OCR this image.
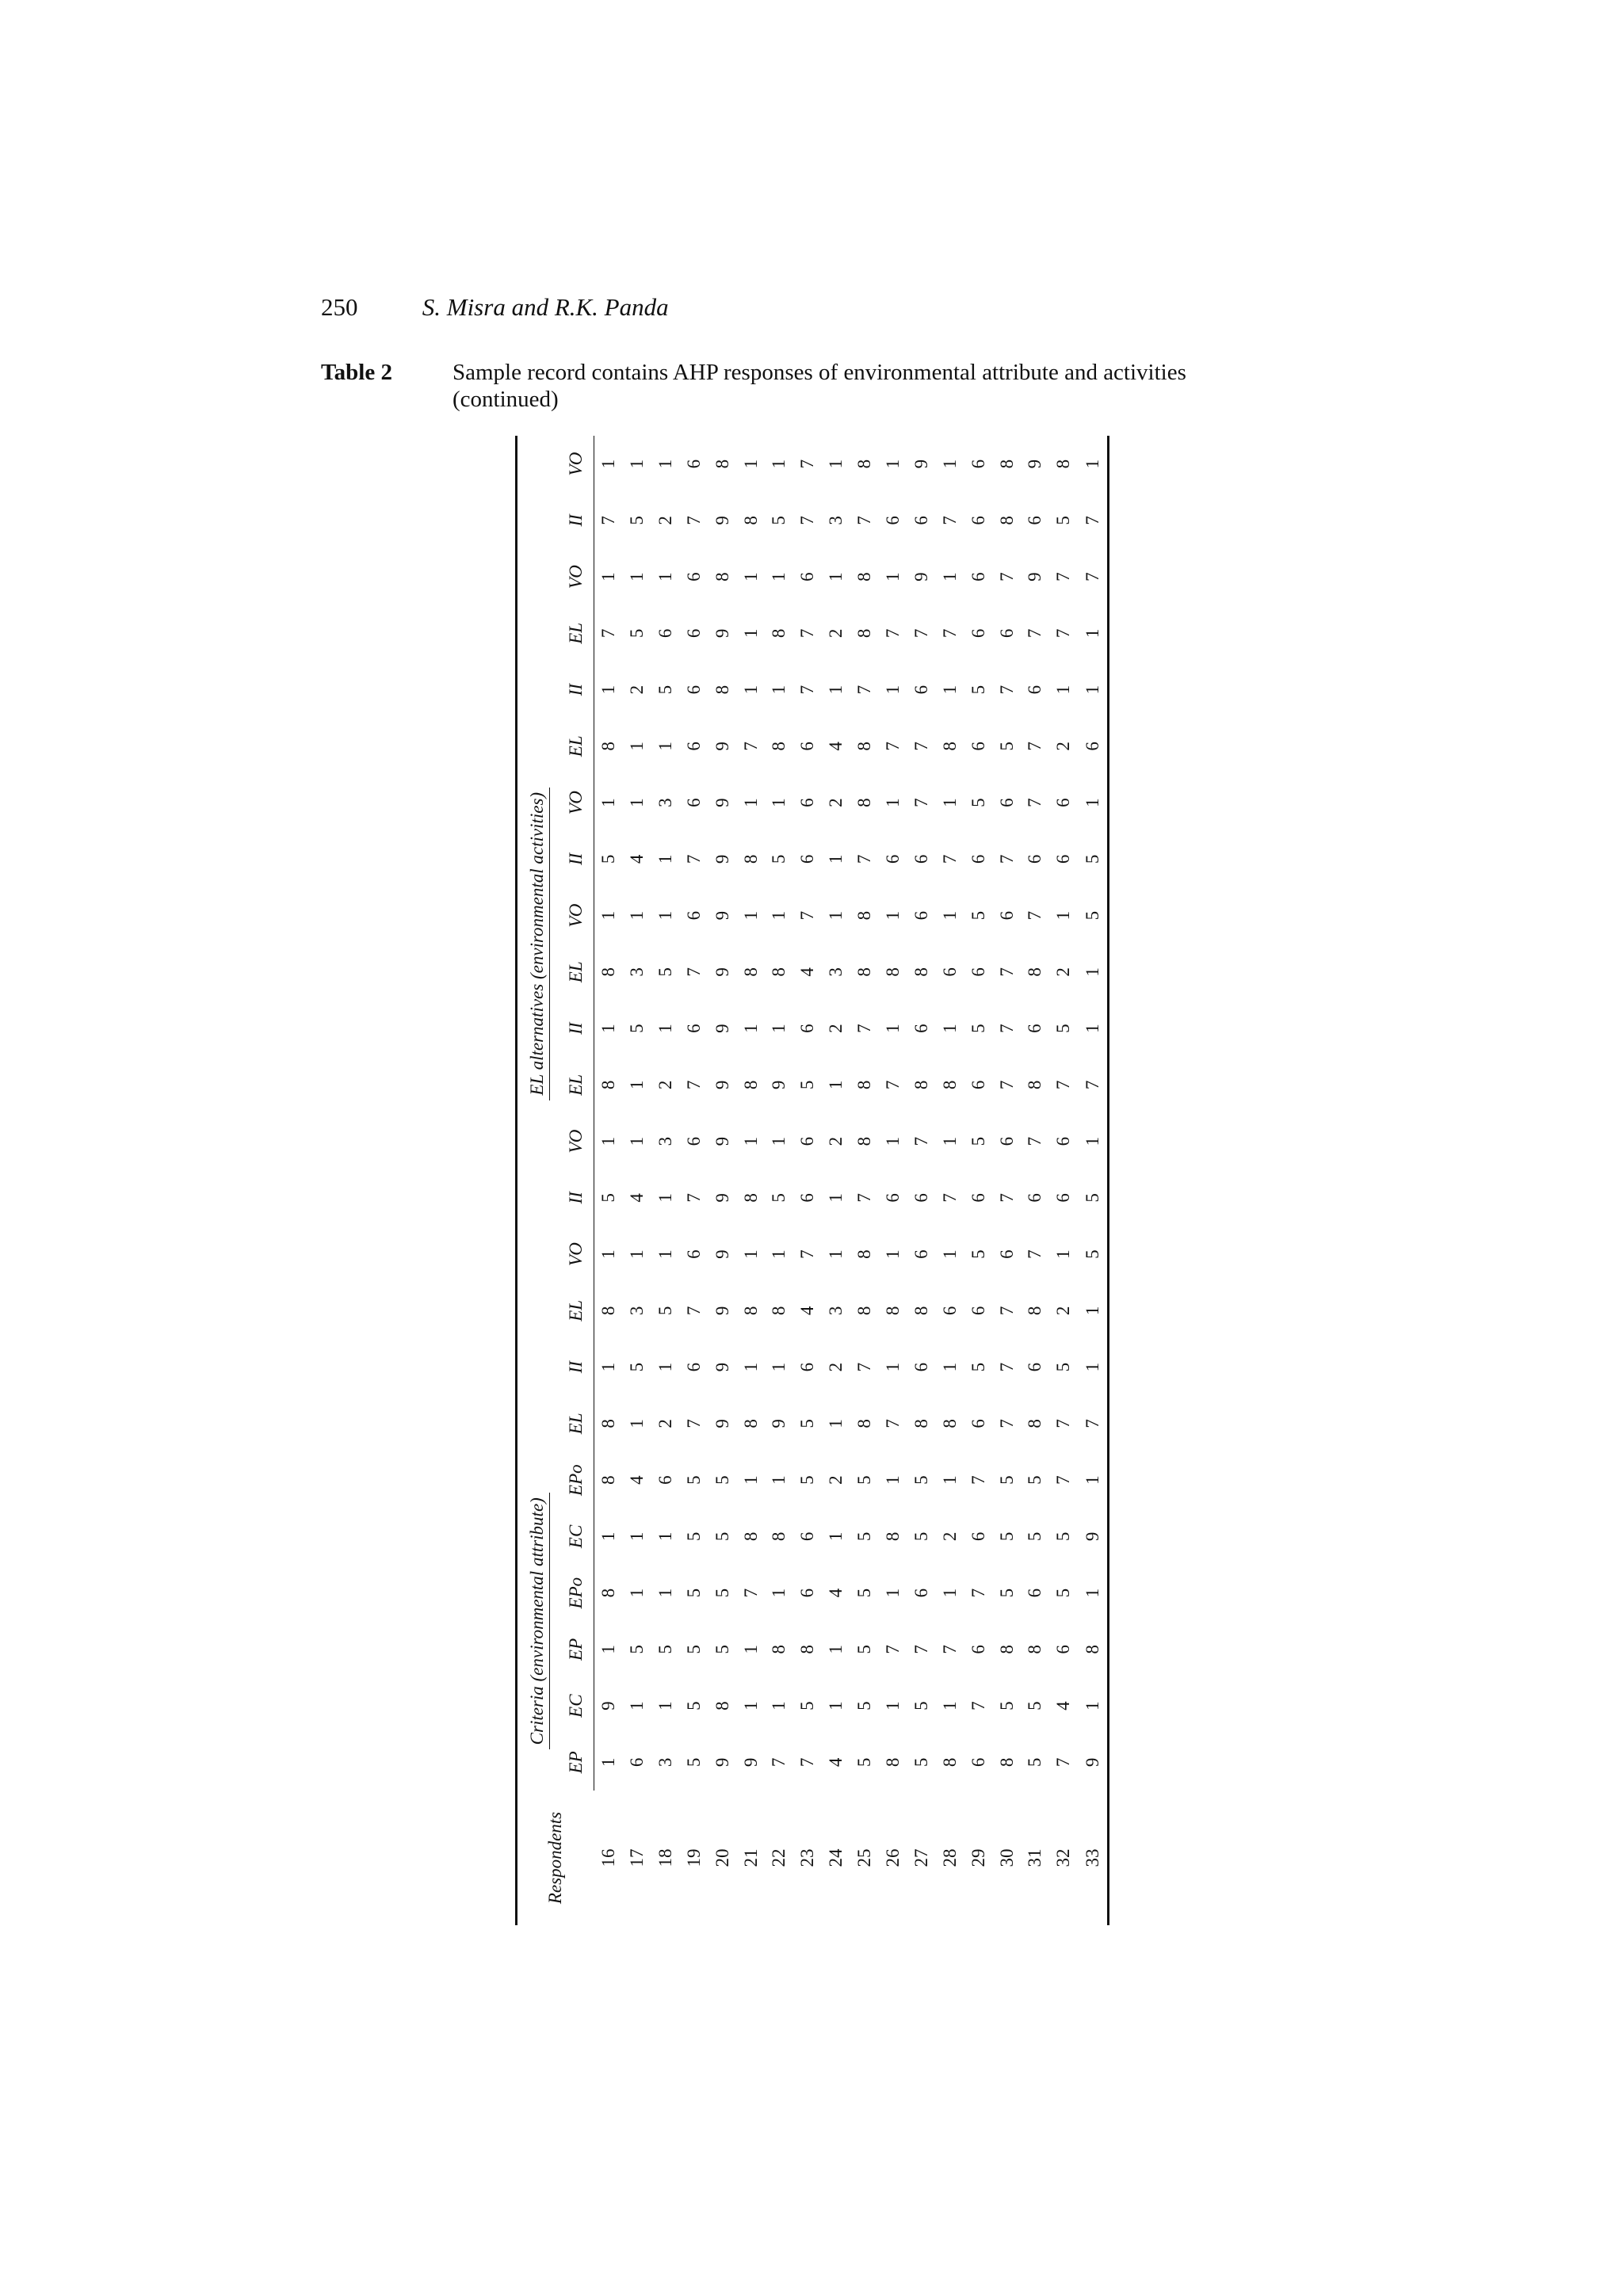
250	S. Misra and R.K. Panda
Table 2	Sample record contains AHP responses of environmental attribute and activities (continued)
Respondents	Criteria (environmental attribute)						EL alternatives (environmental activities)																	
	EP	EC	EP	EPo	EC	EPo	EL	II	EL	VO	II	VO	EL	II	EL	VO	II	VO	EL	II	EL	VO	II	VO
16	1	9	1	8	1	8	8	1	8	1	5	1	8	1	8	1	5	1	8	1	7	1	7	1
17	6	1	5	1	1	4	1	5	3	1	4	1	1	5	3	1	4	1	1	2	5	1	5	1
18	3	1	5	1	1	6	2	1	5	1	1	3	2	1	5	1	1	3	1	5	6	1	2	1
19	5	5	5	5	5	5	7	6	7	6	7	6	7	6	7	6	7	6	6	6	6	6	7	6
20	9	8	5	5	5	5	9	9	9	9	9	9	9	9	9	9	9	9	9	8	9	8	9	8
21	9	1	1	7	8	1	8	1	8	1	8	1	8	1	8	1	8	1	7	1	1	1	8	1
22	7	1	8	1	8	1	9	1	8	1	5	1	9	1	8	1	5	1	8	1	8	1	5	1
23	7	5	8	6	6	5	5	6	4	7	6	6	5	6	4	7	6	6	6	7	7	6	7	7
24	4	1	1	4	1	2	1	2	3	1	1	2	1	2	3	1	1	2	4	1	2	1	3	1
25	5	5	5	5	5	5	8	7	8	8	7	8	8	7	8	8	7	8	8	7	8	8	7	8
26	8	1	7	1	8	1	7	1	8	1	6	1	7	1	8	1	6	1	7	1	7	1	6	1
27	5	5	7	6	5	5	8	6	8	6	6	7	8	6	8	6	6	7	7	6	7	9	6	9
28	8	1	7	1	2	1	8	1	6	1	7	1	8	1	6	1	7	1	8	1	7	1	7	1
29	6	7	6	7	6	7	6	5	6	5	6	5	6	5	6	5	6	5	6	5	6	6	6	6
30	8	5	8	5	5	5	7	7	7	6	7	6	7	7	7	6	7	6	5	7	6	7	8	8
31	5	5	8	6	5	5	8	6	8	7	6	7	8	6	8	7	6	7	7	6	7	9	6	9
32	7	4	6	5	5	7	7	5	2	1	6	6	7	5	2	1	6	6	2	1	7	7	5	8
33	9	1	8	1	9	1	7	1	1	5	5	1	7	1	1	5	5	1	6	1	1	7	7	1
